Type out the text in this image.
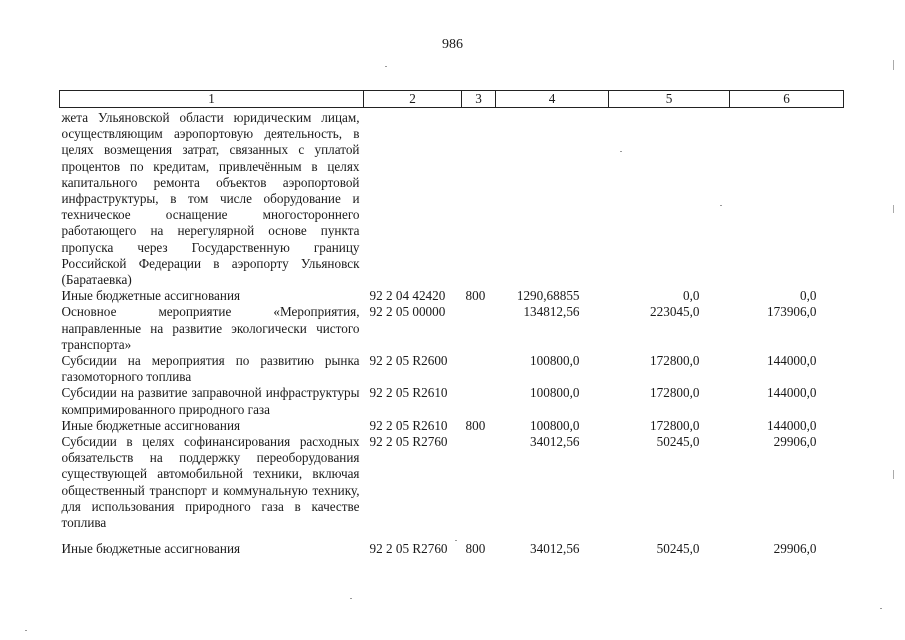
986
1	2	3	4	5	6
жета Ульяновской области юридическим лицам, осуществляющим аэропортовую деятельность, в целях возмещения затрат, связанных с уплатой процентов по кредитам, привлечённым в целях капитального ремонта объектов аэропортовой инфраструктуры, в том числе оборудование и техническое оснащение многостороннего работающего на нерегулярной основе пункта пропуска через Государственную границу Российской Федерации в аэропорту Ульяновск (Баратаевка)					
Иные бюджетные ассигнования	92 2 04 42420	800	1290,68855	0,0	0,0
Основное мероприятие «Мероприятия, направленные на развитие экологически чистого транспорта»	92 2 05 00000		134812,56	223045,0	173906,0
Субсидии на мероприятия по развитию рынка газомоторного топлива	92 2 05 R2600		100800,0	172800,0	144000,0
Субсидии на развитие заправочной инфраструктуры компримированного природного газа	92 2 05 R2610		100800,0	172800,0	144000,0
Иные бюджетные ассигнования	92 2 05 R2610	800	100800,0	172800,0	144000,0
Субсидии в целях софинансирования расходных обязательств на поддержку переоборудования существующей автомобильной техники, включая общественный транспорт и коммунальную технику, для использования природного газа в качестве топлива	92 2 05 R2760		34012,56	50245,0	29906,0
Иные бюджетные ассигнования	92 2 05 R2760	800	34012,56	50245,0	29906,0
